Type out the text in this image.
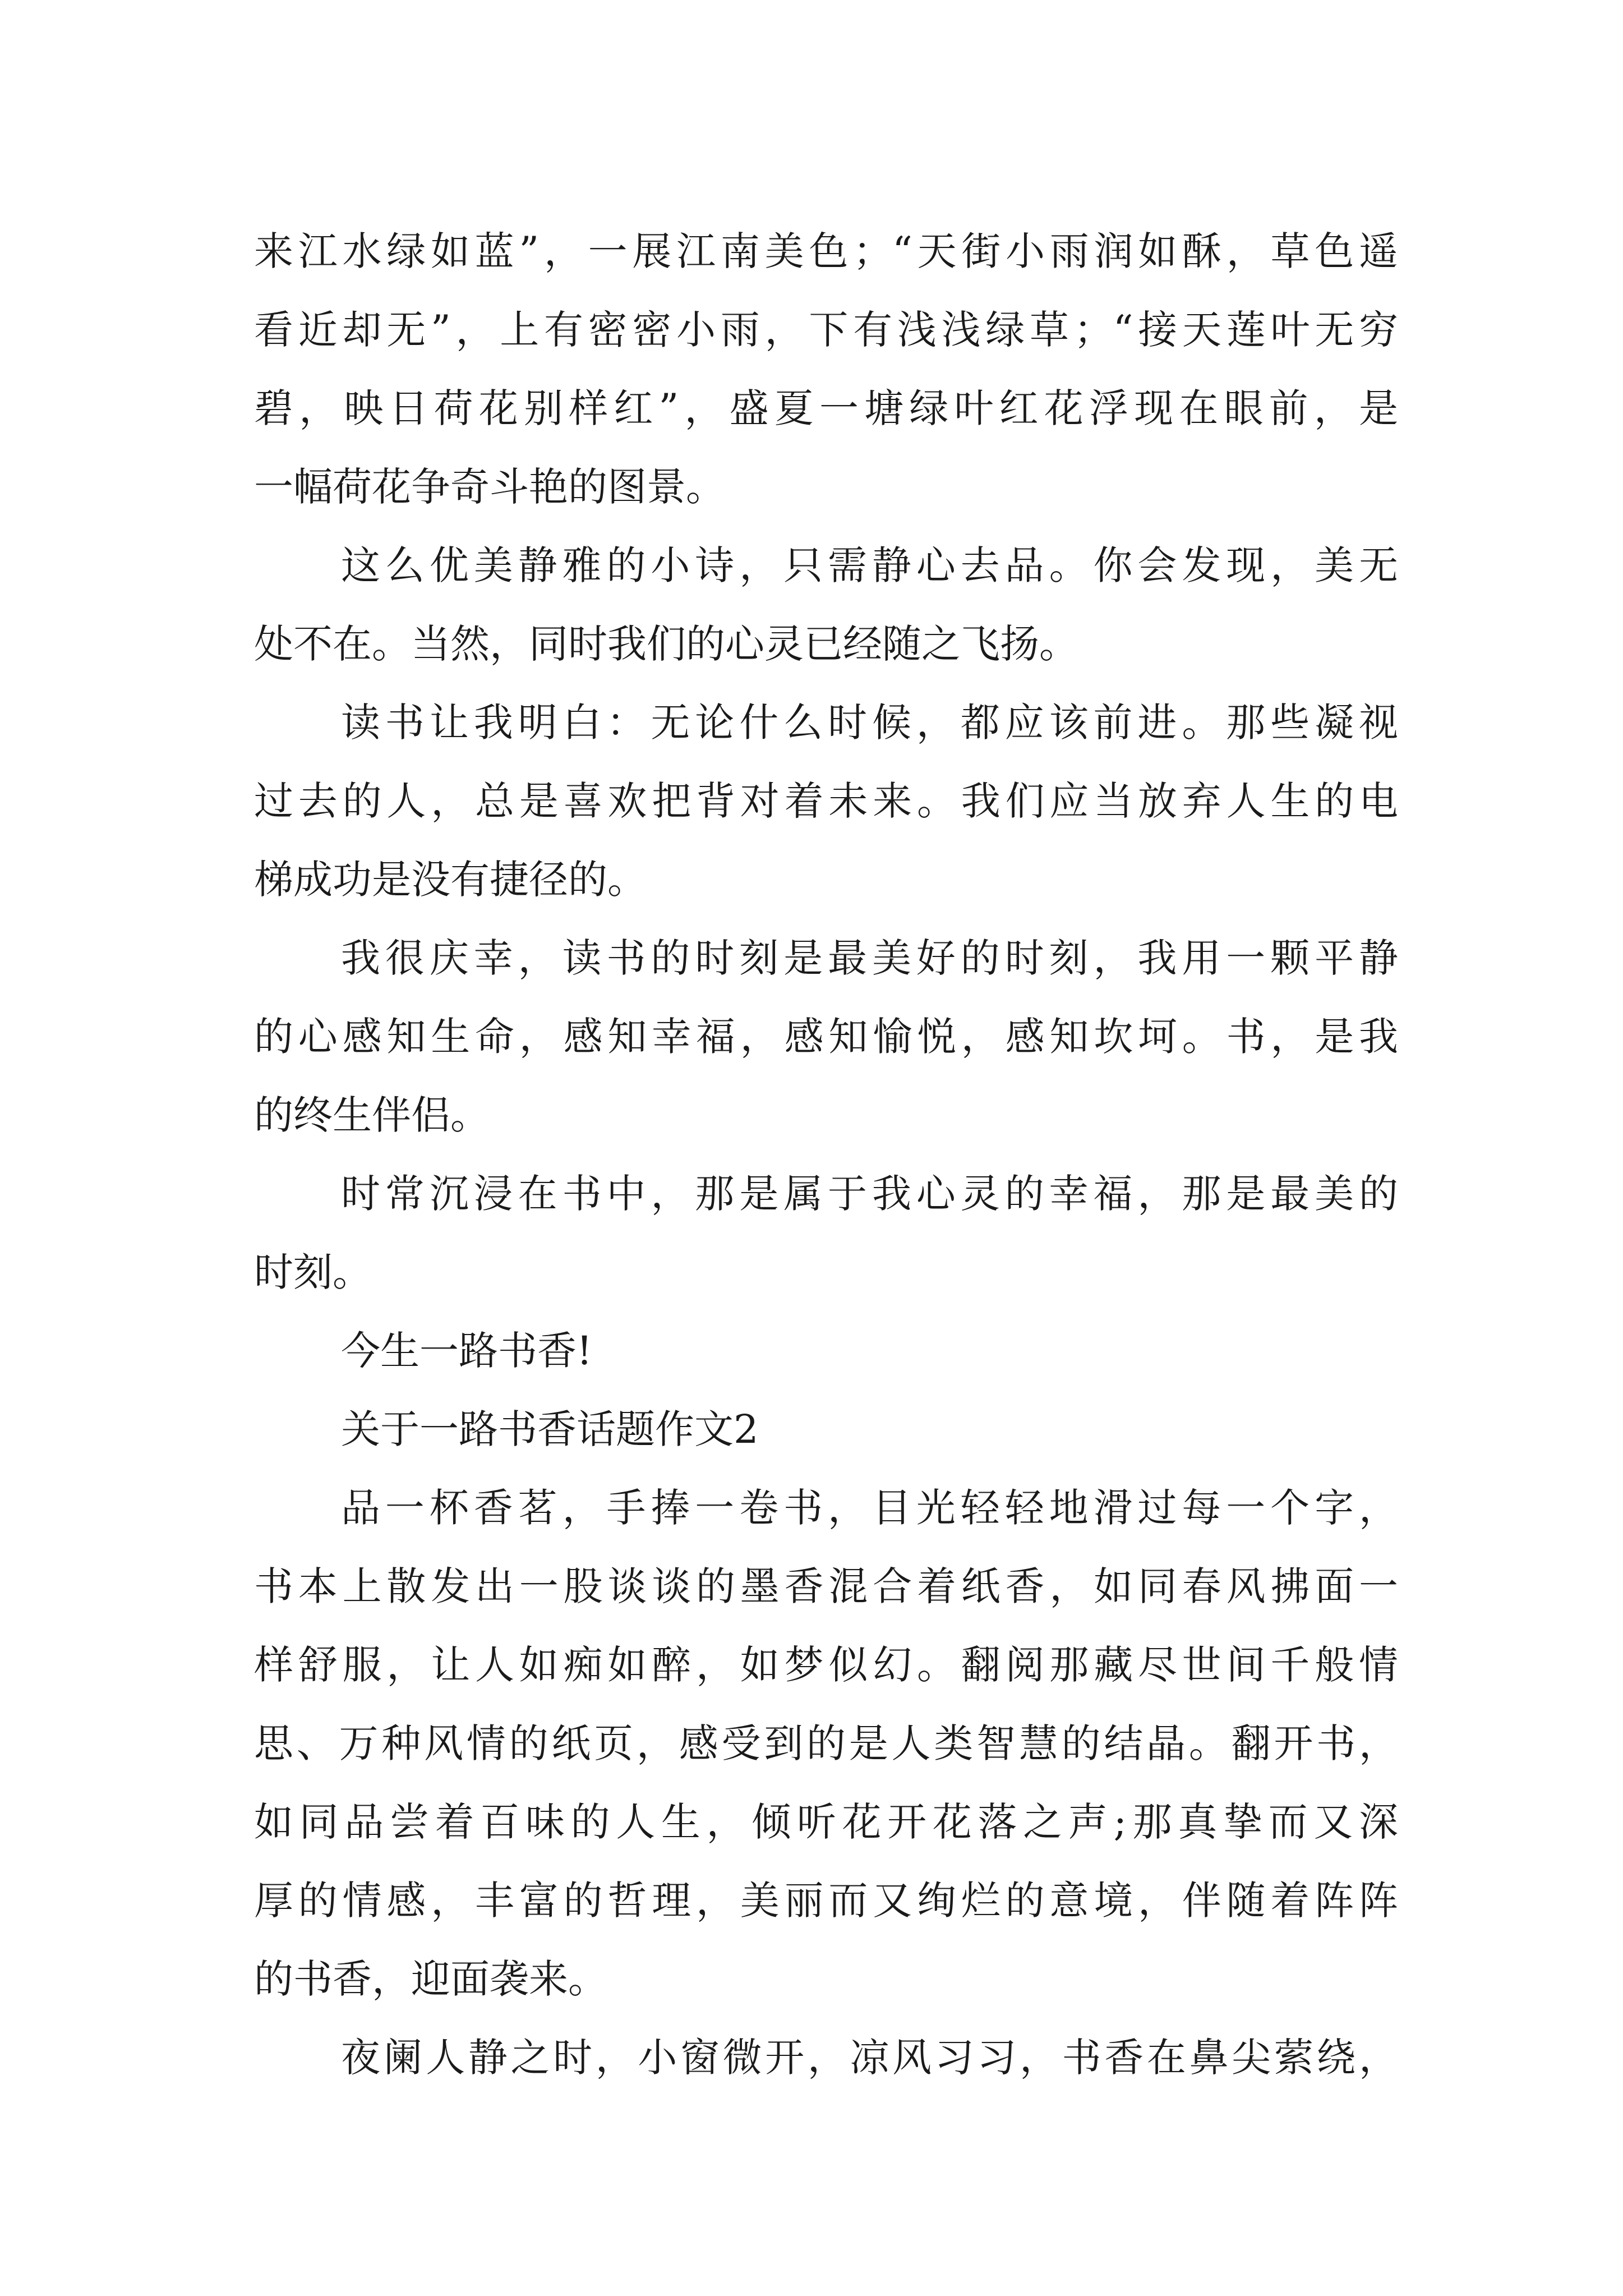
来江水绿如蓝”，一展江南美色；“天街小雨润如酥，草色遥
看近却无”，上有密密小雨，下有浅浅绿草；“接天莲叶无穷
碧，映日荷花别样红”，盛夏一塘绿叶红花浮现在眼前，是
一幅荷花争奇斗艳的图景。
这么优美静雅的小诗，只需静心去品。你会发现，美无
处不在。当然，同时我们的心灵已经随之飞扬。
读书让我明白：无论什么时候，都应该前进。那些凝视
过去的人，总是喜欢把背对着未来。我们应当放弃人生的电
梯成功是没有捷径的。
我很庆幸，读书的时刻是最美好的时刻，我用一颗平静
的心感知生命，感知幸福，感知愉悦，感知坎坷。书，是我
的终生伴侣。
时常沉浸在书中，那是属于我心灵的幸福，那是最美的
时刻。
今生一路书香!
关于一路书香话题作文2
品一杯香茗，手捧一卷书，目光轻轻地滑过每一个字，
书本上散发出一股谈谈的墨香混合着纸香，如同春风拂面一
样舒服，让人如痴如醉，如梦似幻。翻阅那藏尽世间千般情
思、万种风情的纸页，感受到的是人类智慧的结晶。翻开书，
如同品尝着百味的人生，倾听花开花落之声;那真挚而又深
厚的情感，丰富的哲理，美丽而又绚烂的意境，伴随着阵阵
的书香，迎面袭来。
夜阑人静之时，小窗微开，凉风习习，书香在鼻尖萦绕，
